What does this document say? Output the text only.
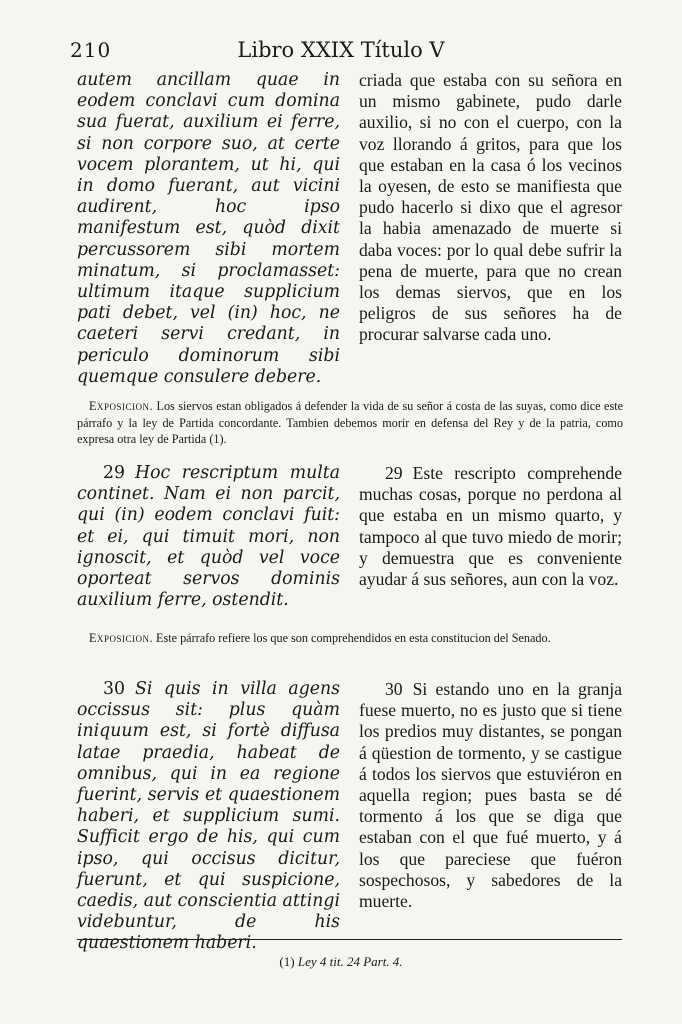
210	Libro XXIX Título V
autem ancillam quae in eodem conclavi cum domina sua fuerat, auxilium ei ferre, si non corpore suo, at certe vocem plorantem, ut hi, qui in domo fuerant, aut vicini audirent, hoc ipso manifestum est, quòd dixit percussorem sibi mortem minatum, si proclamasset: ultimum itaque supplicium pati debet, vel (in) hoc, ne caeteri servi credant, in periculo dominorum sibi quemque consulere debere.
criada que estaba con su señora en un mismo gabinete, pudo darle auxilio, si no con el cuerpo, con la voz llorando á gritos, para que los que estaban en la casa ó los vecinos la oyesen, de esto se manifiesta que pudo hacerlo si dixo que el agresor la habia amenazado de muerte si daba voces: por lo qual debe sufrir la pena de muerte, para que no crean los demas siervos, que en los peligros de sus señores ha de procurar salvarse cada uno.
Exposicion. Los siervos estan obligados á defender la vida de su señor á costa de las suyas, como dice este párrafo y la ley de Partida concordante. Tambien debemos morir en defensa del Rey y de la patria, como expresa otra ley de Partida (1).
29 Hoc rescriptum multa continet. Nam ei non parcit, qui (in) eodem conclavi fuit: et ei, qui timuit mori, non ignoscit, et quòd vel voce oporteat servos dominis auxilium ferre, ostendit.
29 Este rescripto comprehende muchas cosas, porque no perdona al que estaba en un mismo quarto, y tampoco al que tuvo miedo de morir; y demuestra que es conveniente ayudar á sus señores, aun con la voz.
Exposicion. Este párrafo refiere los que son comprehendidos en esta constitucion del Senado.
30 Si quis in villa agens occissus sit: plus quàm iniquum est, si fortè diffusa latae praedia, habeat de omnibus, qui in ea regione fuerint, servis et quaestionem haberi, et supplicium sumi. Sufficit ergo de his, qui cum ipso, qui occisus dicitur, fuerunt, et qui suspicione, caedis, aut conscientia attingi videbuntur, de his quaestionem haberi.
30 Si estando uno en la granja fuese muerto, no es justo que si tiene los predios muy distantes, se pongan á qüestion de tormento, y se castigue á todos los siervos que estuviéron en aquella region; pues basta se dé tormento á los que se diga que estaban con el que fué muerto, y á los que pareciese que fuéron sospechosos, y sabedores de la muerte.
(1) Ley 4 tit. 24 Part. 4.
